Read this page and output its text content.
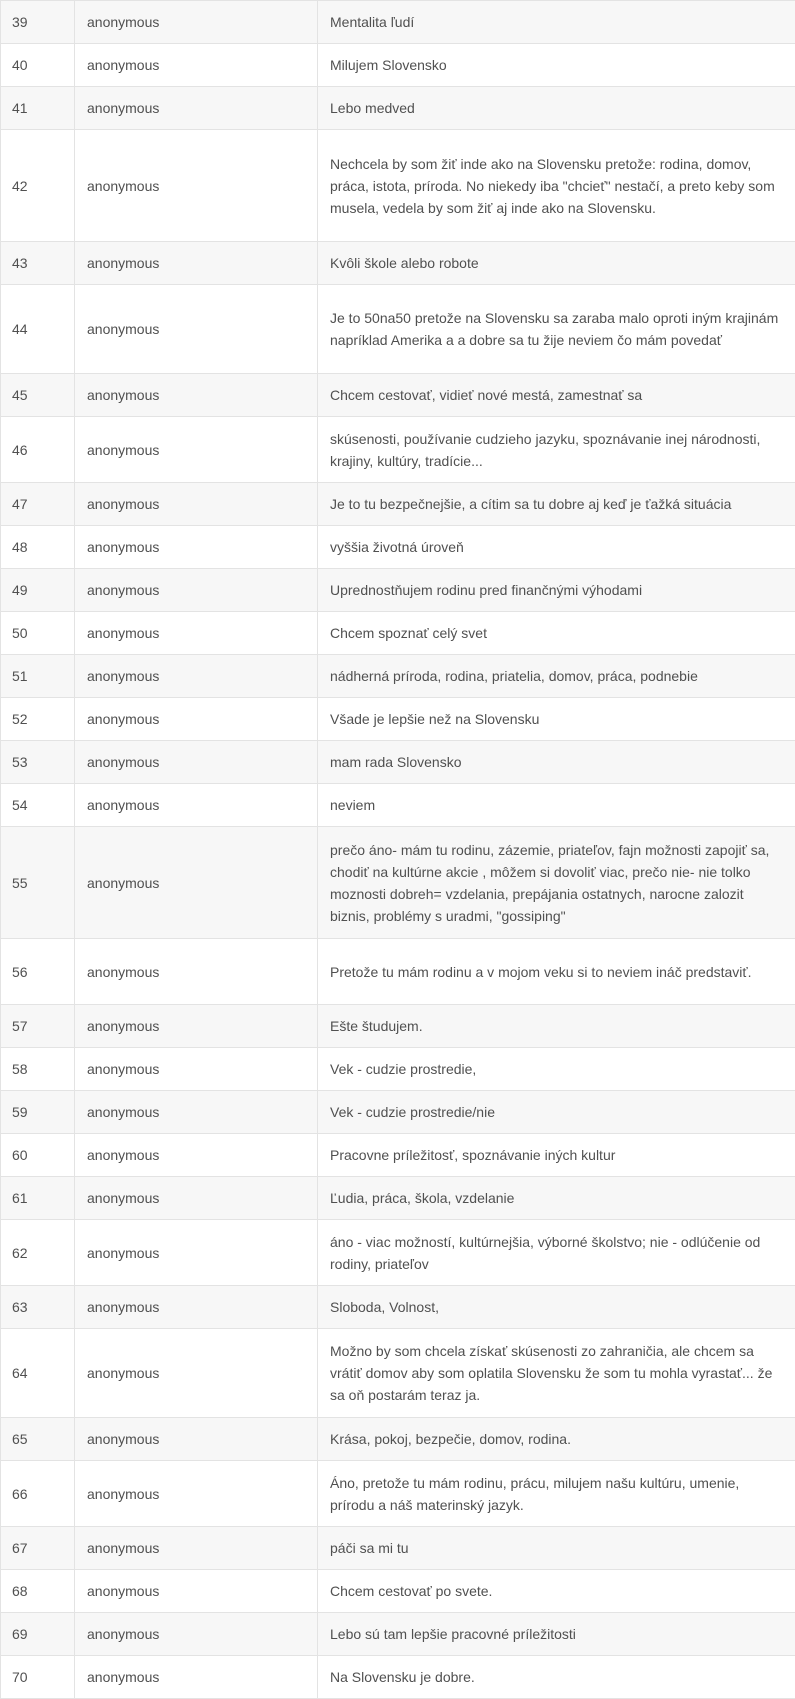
39	anonymous	Mentalita ľudí
40	anonymous	Milujem Slovensko
41	anonymous	Lebo medved
42	anonymous	Nechcela by som žiť inde ako na Slovensku pretože: rodina, domov, práca, istota, príroda. No niekedy iba "chcieť" nestačí, a preto keby som musela, vedela by som žiť aj inde ako na Slovensku.
43	anonymous	Kvôli škole alebo robote
44	anonymous	Je to 50na50 pretože na Slovensku sa zaraba malo oproti iným krajinám napríklad Amerika a a dobre sa tu žije neviem čo mám povedať
45	anonymous	Chcem cestovať, vidieť nové mestá, zamestnať sa
46	anonymous	skúsenosti, používanie cudzieho jazyku, spoznávanie inej národnosti, krajiny, kultúry, tradície...
47	anonymous	Je to tu bezpečnejšie, a cítim sa tu dobre aj keď je ťažká situácia
48	anonymous	vyššia životná úroveň
49	anonymous	Uprednostňujem rodinu pred finančnými výhodami
50	anonymous	Chcem spoznať celý svet
51	anonymous	nádherná príroda, rodina, priatelia, domov, práca, podnebie
52	anonymous	Všade je lepšie než na Slovensku
53	anonymous	mam rada Slovensko
54	anonymous	neviem
55	anonymous	prečo áno- mám tu rodinu, zázemie, priateľov, fajn možnosti zapojiť sa, chodiť na kultúrne akcie , môžem si dovoliť viac, prečo nie- nie tolko moznosti dobreh= vzdelania, prepájania ostatnych, narocne zalozit biznis, problémy s uradmi, "gossiping"
56	anonymous	Pretože tu mám rodinu a v mojom veku si to neviem ináč predstaviť.
57	anonymous	Ešte študujem.
58	anonymous	Vek - cudzie prostredie,
59	anonymous	Vek - cudzie prostredie/nie
60	anonymous	Pracovne príležitosť, spoznávanie iných kultur
61	anonymous	Ľudia, práca, škola, vzdelanie
62	anonymous	áno - viac možností, kultúrnejšia, výborné školstvo; nie - odlúčenie od rodiny, priateľov
63	anonymous	Sloboda, Volnost,
64	anonymous	Možno by som chcela získať skúsenosti zo zahraničia, ale chcem sa vrátiť domov aby som oplatila Slovensku že som tu mohla vyrastať... že sa oň postarám teraz ja.
65	anonymous	Krása, pokoj, bezpečie, domov, rodina.
66	anonymous	Áno, pretože tu mám rodinu, prácu, milujem našu kultúru, umenie, prírodu a náš materinský jazyk.
67	anonymous	páči sa mi tu
68	anonymous	Chcem cestovať po svete.
69	anonymous	Lebo sú tam lepšie pracovné príležitosti
70	anonymous	Na Slovensku je dobre.
